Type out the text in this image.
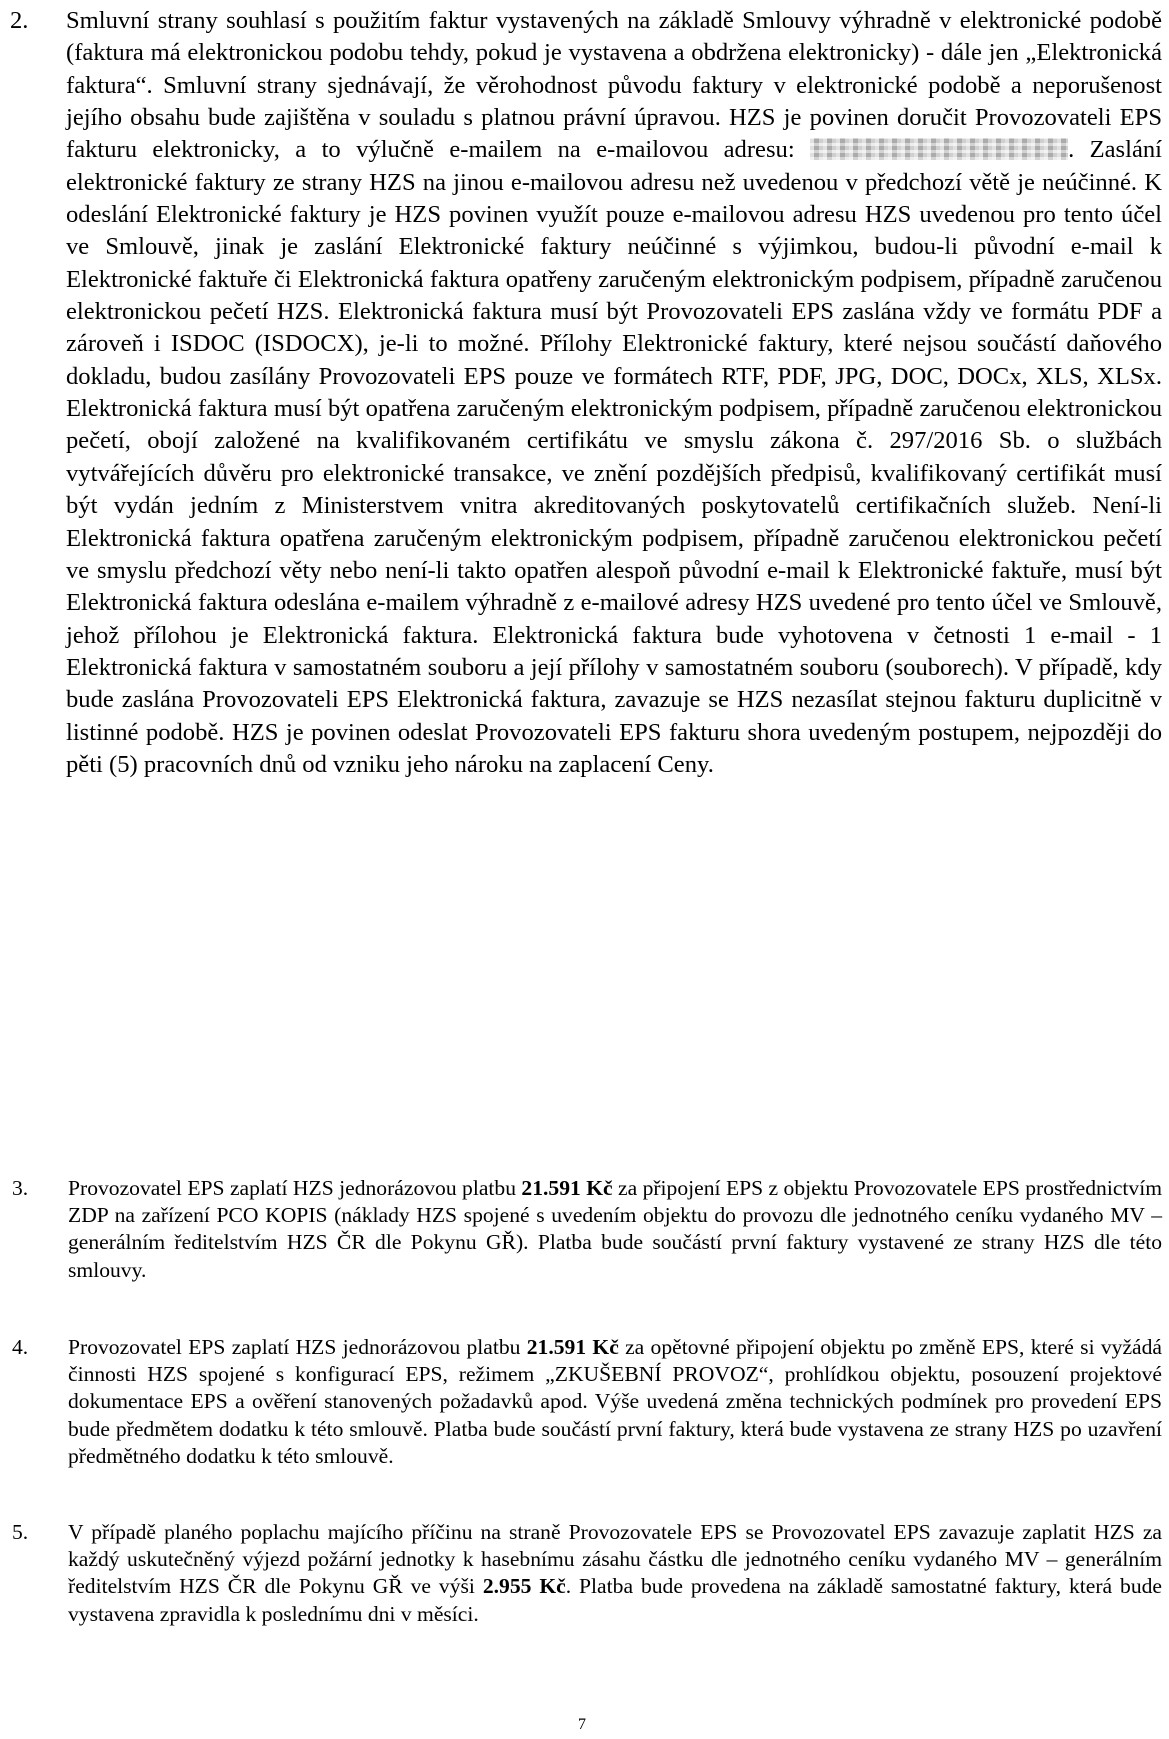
2.	Smluvní strany souhlasí s použitím faktur vystavených na základě Smlouvy výhradně v elektronické podobě (faktura má elektronickou podobu tehdy, pokud je vystavena a obdržena elektronicky) - dále jen „Elektronická faktura“. Smluvní strany sjednávají, že věrohodnost původu faktury v elektronické podobě a neporušenost jejího obsahu bude zajištěna v souladu s platnou právní úpravou. HZS je povinen doručit Provozovateli EPS fakturu elektronicky, a to výlučně e-mailem na e-mailovou adresu:	. Zaslání elektronické faktury ze strany HZS na jinou e-mailovou adresu než uvedenou v předchozí větě je neúčinné. K odeslání Elektronické faktury je HZS povinen využít pouze e-mailovou adresu HZS uvedenou pro tento účel ve Smlouvě, jinak je zaslání Elektronické faktury neúčinné s výjimkou, budou-li původní e-mail k Elektronické faktuře či Elektronická faktura opatřeny zaručeným elektronickým podpisem, případně zaručenou elektronickou pečetí HZS. Elektronická faktura musí být Provozovateli EPS zaslána vždy ve formátu PDF a zároveň i ISDOC (ISDOCX), je-li to možné. Přílohy Elektronické faktury, které nejsou součástí daňového dokladu, budou zasílány Provozovateli EPS pouze ve formátech RTF, PDF, JPG, DOC, DOCx, XLS, XLSx. Elektronická faktura musí být opatřena zaručeným elektronickým podpisem, případně zaručenou elektronickou pečetí, obojí založené na kvalifikovaném certifikátu ve smyslu zákona č. 297/2016 Sb. o službách vytvářejících důvěru pro elektronické transakce, ve znění pozdějších předpisů, kvalifikovaný certifikát musí být vydán jedním z Ministerstvem vnitra akreditovaných poskytovatelů certifikačních služeb. Není-li Elektronická faktura opatřena zaručeným elektronickým podpisem, případně zaručenou elektronickou pečetí ve smyslu předchozí věty nebo není-li takto opatřen alespoň původní e-mail k Elektronické faktuře, musí být Elektronická faktura odeslána e-mailem výhradně z e-mailové adresy HZS uvedené pro tento účel ve Smlouvě, jehož přílohou je Elektronická faktura. Elektronická faktura bude vyhotovena v četnosti 1 e-mail - 1 Elektronická faktura v samostatném souboru a její přílohy v samostatném souboru (souborech). V případě, kdy bude zaslána Provozovateli EPS Elektronická faktura, zavazuje se HZS nezasílat stejnou fakturu duplicitně v listinné podobě. HZS je povinen odeslat Provozovateli EPS fakturu shora uvedeným postupem, nejpozději do pěti (5) pracovních dnů od vzniku jeho nároku na zaplacení Ceny.
3.	Provozovatel EPS zaplatí HZS jednorázovou platbu 21.591 Kč za připojení EPS z objektu Provozovatele EPS prostřednictvím ZDP na zařízení PCO KOPIS (náklady HZS spojené s uvedením objektu do provozu dle jednotného ceníku vydaného MV – generálním ředitelstvím HZS ČR dle Pokynu GŘ). Platba bude součástí první faktury vystavené ze strany HZS dle této smlouvy.
4.	Provozovatel EPS zaplatí HZS jednorázovou platbu 21.591 Kč za opětovné připojení objektu po změně EPS, které si vyžádá činnosti HZS spojené s konfigurací EPS, režimem „ZKUŠEBNÍ PROVOZ“, prohlídkou objektu, posouzení projektové dokumentace EPS a ověření stanovených požadavků apod. Výše uvedená změna technických podmínek pro provedení EPS bude předmětem dodatku k této smlouvě. Platba bude součástí první faktury, která bude vystavena ze strany HZS po uzavření předmětného dodatku k této smlouvě.
5.	V případě planého poplachu majícího příčinu na straně Provozovatele EPS se Provozovatel EPS zavazuje zaplatit HZS za každý uskutečněný výjezd požární jednotky k hasebnímu zásahu částku dle jednotného ceníku vydaného MV – generálním ředitelstvím HZS ČR dle Pokynu GŘ ve výši 2.955 Kč. Platba bude provedena na základě samostatné faktury, která bude vystavena zpravidla k poslednímu dni v měsíci.
7
